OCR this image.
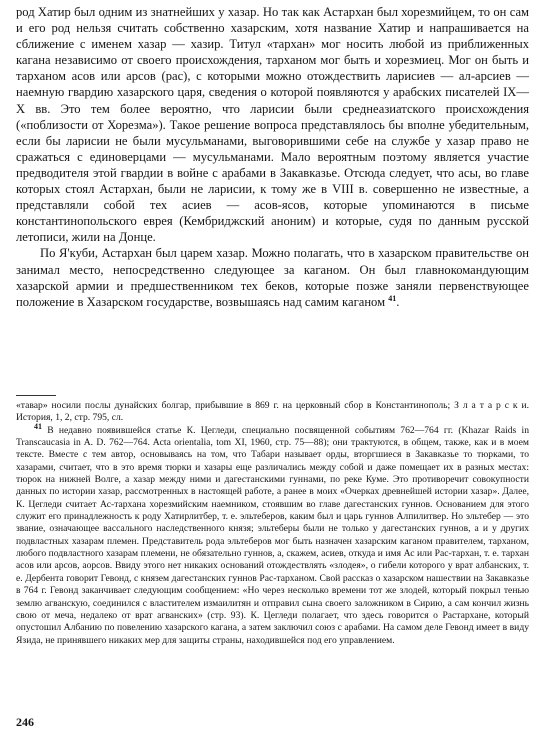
род Хатир был одним из знатнейших у хазар. Но так как Астархан был хорезмийцем, то он сам и его род нельзя считать собственно хазарским, хотя название Хатир и напрашивается на сближение с именем хазар — хазир. Титул «тархан» мог носить любой из приближенных кагана независимо от своего происхождения, тарханом мог быть и хорезмиец. Мог он быть и тарханом асов или арсов (рас), с которыми можно отождествить ларисиев — ал-арсиев — наемную гвардию хазарского царя, сведения о которой появляются у арабских писателей IX—X вв. Это тем более вероятно, что ларисии были среднеазиатского происхождения («поблизости от Хорезма»). Такое решение вопроса представлялось бы вполне убедительным, если бы ларисии не были мусульманами, выговорившими себе на службе у хазар право не сражаться с единоверцами — мусульманами. Мало вероятным поэтому является участие предводителя этой гвардии в войне с арабами в Закавказье. Отсюда следует, что асы, во главе которых стоял Астархан, были не ларисии, к тому же в VIII в. совершенно не известные, а представляли собой тех асиев — асов-ясов, которые упоминаются в письме константинопольского еврея (Кембриджский аноним) и которые, судя по данным русской летописи, жили на Донце.

По Я'куби, Астархан был царем хазар. Можно полагать, что в хазарском правительстве он занимал место, непосредственно следующее за каганом. Он был главнокомандующим хазарской армии и предшественником тех беков, которые позже заняли первенствующее положение в Хазарском государстве, возвышаясь над самим каганом $^{41}$.

«тавар» носили послы дунайских болгар, прибывшие в 869 г. на церковный сбор в Константинополь; З л а т а р с к и. История, 1, 2, стр. 795, сл.

$^{41}$ В недавно появившейся статье К. Цегледи, специально посвященной событиям 762—764 гг. (Khazar Raids in Transcaucasia in A. D. 762—764. Acta orientalia, tom XI, 1960, стр. 75—88); они трактуются, в общем, также, как и в моем тексте. Вместе с тем автор, основываясь на том, что Табари называет орды, вторгшиеся в Закавказье то тюрками, то хазарами, считает, что в это время тюрки и хазары еще различались между собой и даже помещает их в разных местах: тюрок на нижней Волге, а хазар между ними и дагестанскими гуннами, по реке Куме. Это противоречит совокупности данных по истории хазар, рассмотренных в настоящей работе, а ранее в моих «Очерках древнейшей истории хазар». Далее, К. Цегледи считает Ас-тархана хорезмийским наемником, стоявшим во главе дагестанских гуннов. Основанием для этого служит его принадлежность к роду Хатирлитбер, т. е. эльтеберов, каким был и царь гуннов Алпилитвер. Но эльтебер — это звание, означающее вассального наследственного князя; эльтеберы были не только у дагестанских гуннов, а и у других подвластных хазарам племен. Представитель рода эльтеберов мог быть назначен хазарским каганом правителем, тарханом, любого подвластного хазарам племени, не обязательно гуннов, а, скажем, асиев, откуда и имя Ас или Рас-тархан, т. е. тархан асов или арсов, аорсов. Ввиду этого нет никаких оснований отождествлять «злодея», о гибели которого у врат албанских, т. е. Дербента говорит Гевонд, с князем дагестанских гуннов Рас-тарханом. Свой рассказ о хазарском нашествии на Закавказье в 764 г. Гевонд заканчивает следующим сообщением: «Но через несколько времени тот же злодей, который покрыл тенью землю агванскую, соединился с властителем измаилитян и отправил сына своего заложником в Сирию, а сам кончил жизнь свою от меча, недалеко от врат агванских» (стр. 93). К. Цегледи полагает, что здесь говорится о Растархане, который опустошил Албанию по повелению хазарского кагана, а затем заключил союз с арабами. На самом деле Гевонд имеет в виду Язида, не принявшего никаких мер для защиты страны, находившейся под его управлением.

246
